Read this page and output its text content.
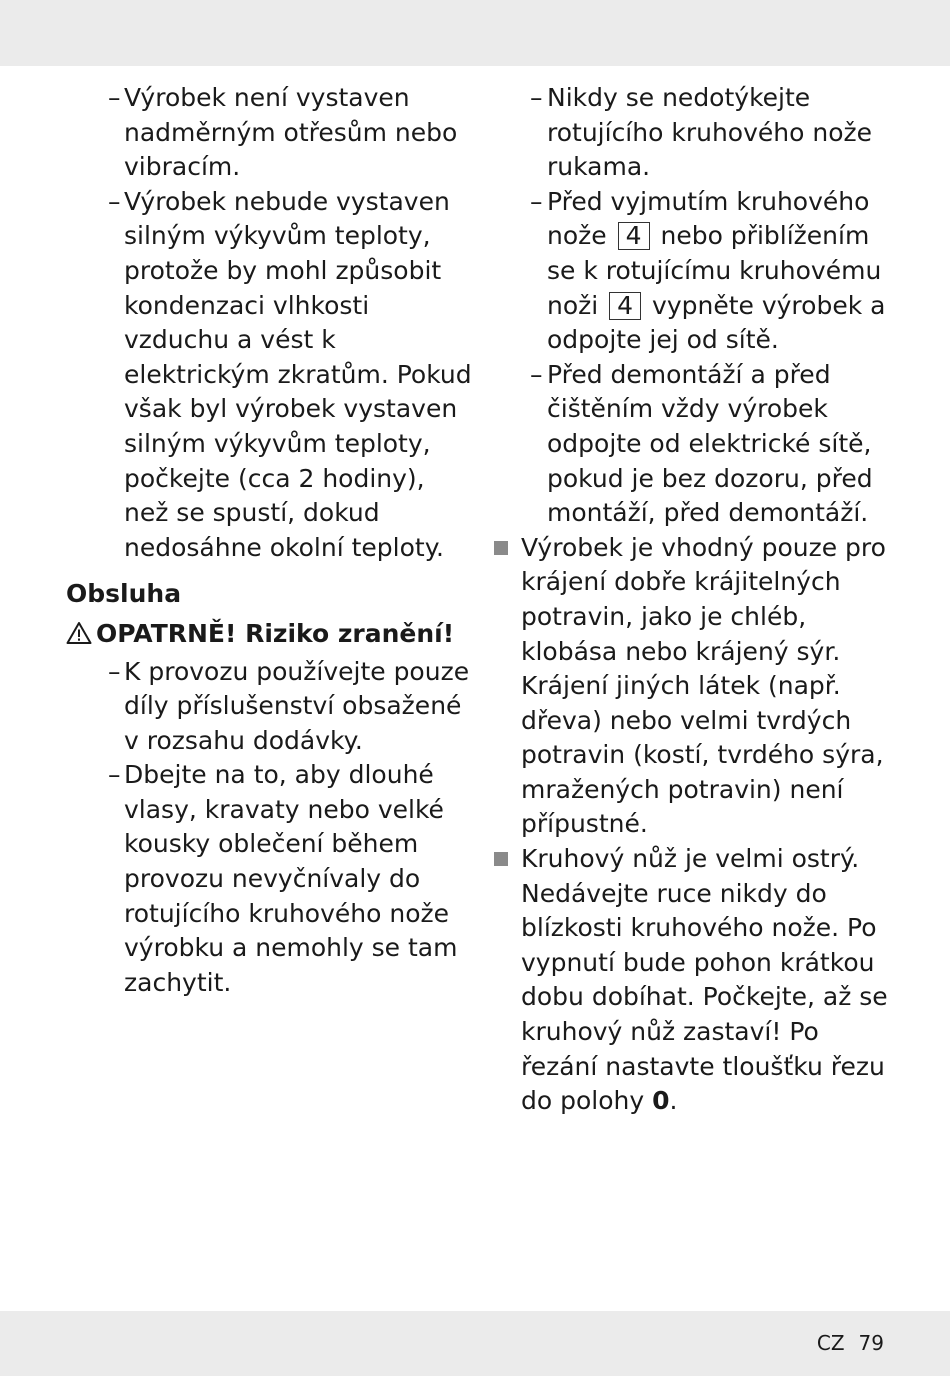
– Výrobek není vystaven nadměrným otřesům nebo vibracím.
– Výrobek nebude vystaven silným výkyvům teploty, protože by mohl způsobit kondenzaci vlhkosti vzduchu a vést k elektrickým zkratům. Pokud však byl výrobek vystaven silným výkyvům teploty, počkejte (cca 2 hodiny), než se spustí, dokud nedosáhne okolní teploty.
Obsluha
OPATRNĚ! Riziko zranění!
– K provozu používejte pouze díly příslušenství obsažené v rozsahu dodávky.
– Dbejte na to, aby dlouhé vlasy, kravaty nebo velké kousky oblečení během provozu nevyčnívaly do rotujícího kruhového nože výrobku a nemohly se tam zachytit.
– Nikdy se nedotýkejte rotujícího kruhového nože rukama.
– Před vyjmutím kruhového nože 4 nebo přiblížením se k rotujícímu kruhovému noži 4 vypněte výrobek a odpojte jej od sítě.
– Před demontáží a před čištěním vždy výrobek odpojte od elektrické sítě, pokud je bez dozoru, před montáží, před demontáží.
Výrobek je vhodný pouze pro krájení dobře krájitelných potravin, jako je chléb, klobása nebo krájený sýr. Krájení jiných látek (např. dřeva) nebo velmi tvrdých potravin (kostí, tvrdého sýra, mražených potravin) není přípustné.
Kruhový nůž je velmi ostrý. Nedávejte ruce nikdy do blízkosti kruhového nože. Po vypnutí bude pohon krátkou dobu dobíhat. Počkejte, až se kruhový nůž zastaví! Po řezání nastavte tloušťku řezu do polohy 0.
CZ 79
